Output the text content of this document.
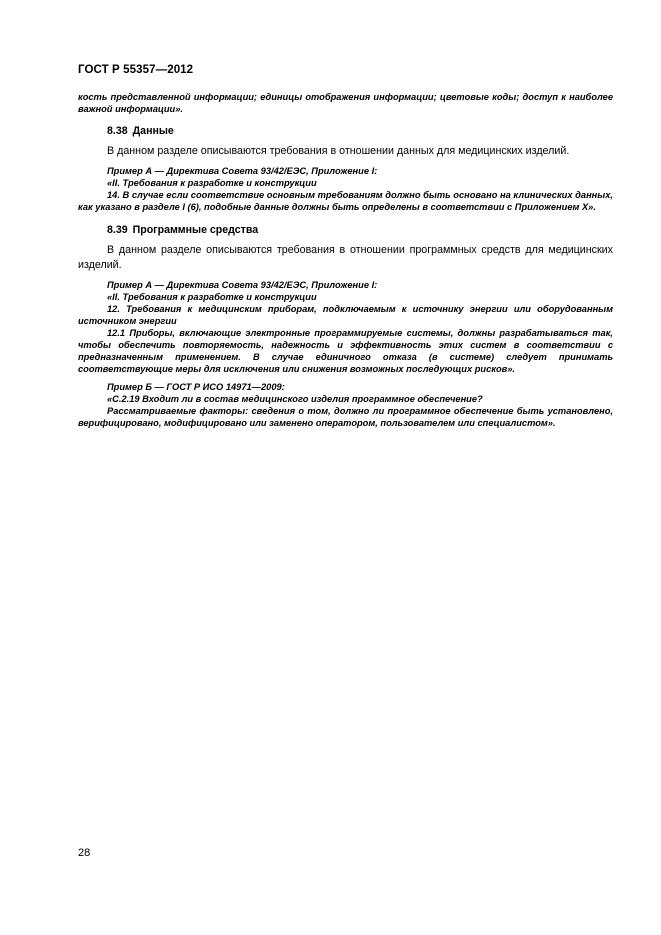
ГОСТ Р 55357—2012

кость представленной информации; единицы отображения информации; цветовые коды; доступ к наиболее важной информации».

8.38 Данные

В данном разделе описываются требования в отношении данных для медицинских изделий.

Пример А — Директива Совета 93/42/ЕЭС, Приложение I:

«II. Требования к разработке и конструкции

14. В случае если соответствие основным требованиям должно быть основано на клинических данных, как указано в разделе I (6), подобные данные должны быть определены в соответствии с Приложением Х».

8.39 Программные средства

В данном разделе описываются требования в отношении программных средств для медицинских изделий.

Пример А — Директива Совета 93/42/ЕЭС, Приложение I:

«II. Требования к разработке и конструкции

12. Требования к медицинским приборам, подключаемым к источнику энергии или оборудованным источником энергии

12.1 Приборы, включающие электронные программируемые системы, должны разрабатываться так, чтобы обеспечить повторяемость, надежность и эффективность этих систем в соответствии с предназначенным применением. В случае единичного отказа (в системе) следует принимать соответствующие меры для исключения или снижения возможных последующих рисков».

Пример Б — ГОСТ Р ИСО 14971—2009:

«С.2.19 Входит ли в состав медицинского изделия программное обеспечение?

Рассматриваемые факторы: сведения о том, должно ли программное обеспечение быть установлено, верифицировано, модифицировано или заменено оператором, пользователем или специалистом».

28
